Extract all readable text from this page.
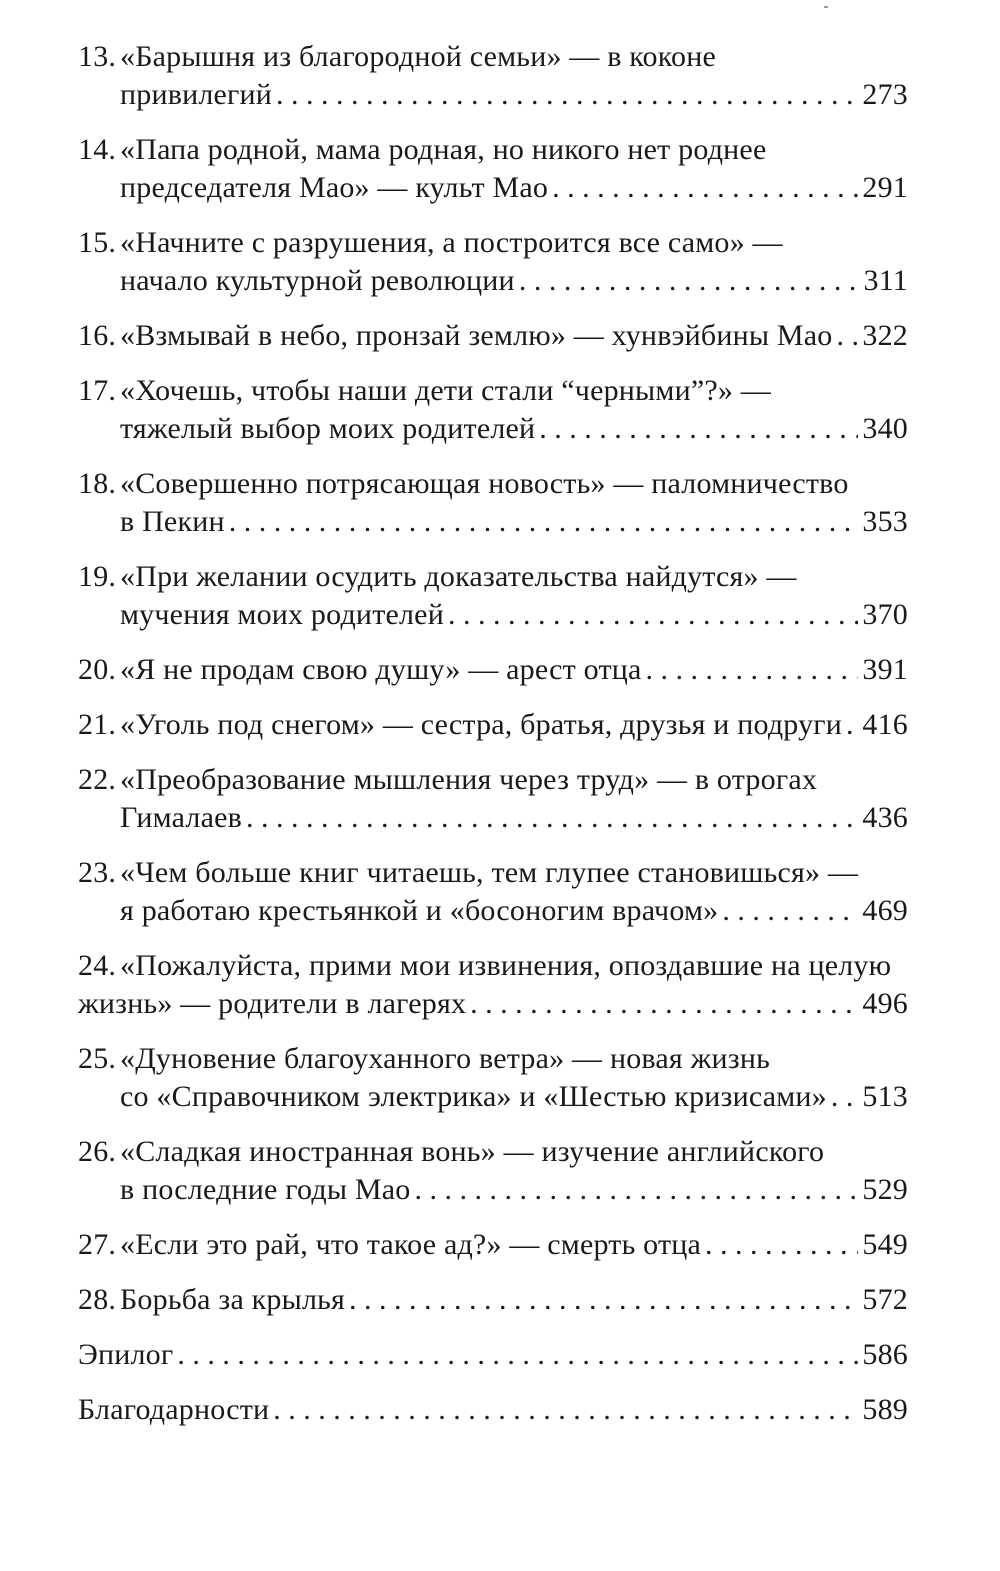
13. «Барышня из благородной семьи» — в коконе
привилегий . . .	273
14. «Папа родной, мама родная, но никого нет роднее
председателя Мао» — культ Мао . . .	291
15. «Начните с разрушения, а построится все само» —
начало культурной революции . . .	311
16. «Взмывай в небо, пронзай землю» — хунвэйбины Мао . . . 322
17. «Хочешь, чтобы наши дети стали “черными”?» —
тяжелый выбор моих родителей . . .	340
18. «Совершенно потрясающая новость» — паломничество
в Пекин . . .	353
19. «При желании осудить доказательства найдутся» —
мучения моих родителей . . .	370
20. «Я не продам свою душу» — арест отца . . .	391
21. «Уголь под снегом» — сестра, братья, друзья и подруги . . . 416
22. «Преобразование мышления через труд» — в отрогах
Гималаев . . .	436
23. «Чем больше книг читаешь, тем глупее становишься» —
я работаю крестьянкой и «босоногим врачом» . . .	469
24. «Пожалуйста, прими мои извинения, опоздавшие на целую
жизнь» — родители в лагерях . . .	496
25. «Дуновение благоуханного ветра» — новая жизнь
со «Справочником электрика» и «Шестью кризисами» . . . 513
26. «Сладкая иностранная вонь» — изучение английского
в последние годы Мао . . .	529
27. «Если это рай, что такое ад?» — смерть отца . . .	549
28. Борьба за крылья . . .	572
Эпилог . . .	586
Благодарности . . .	589
